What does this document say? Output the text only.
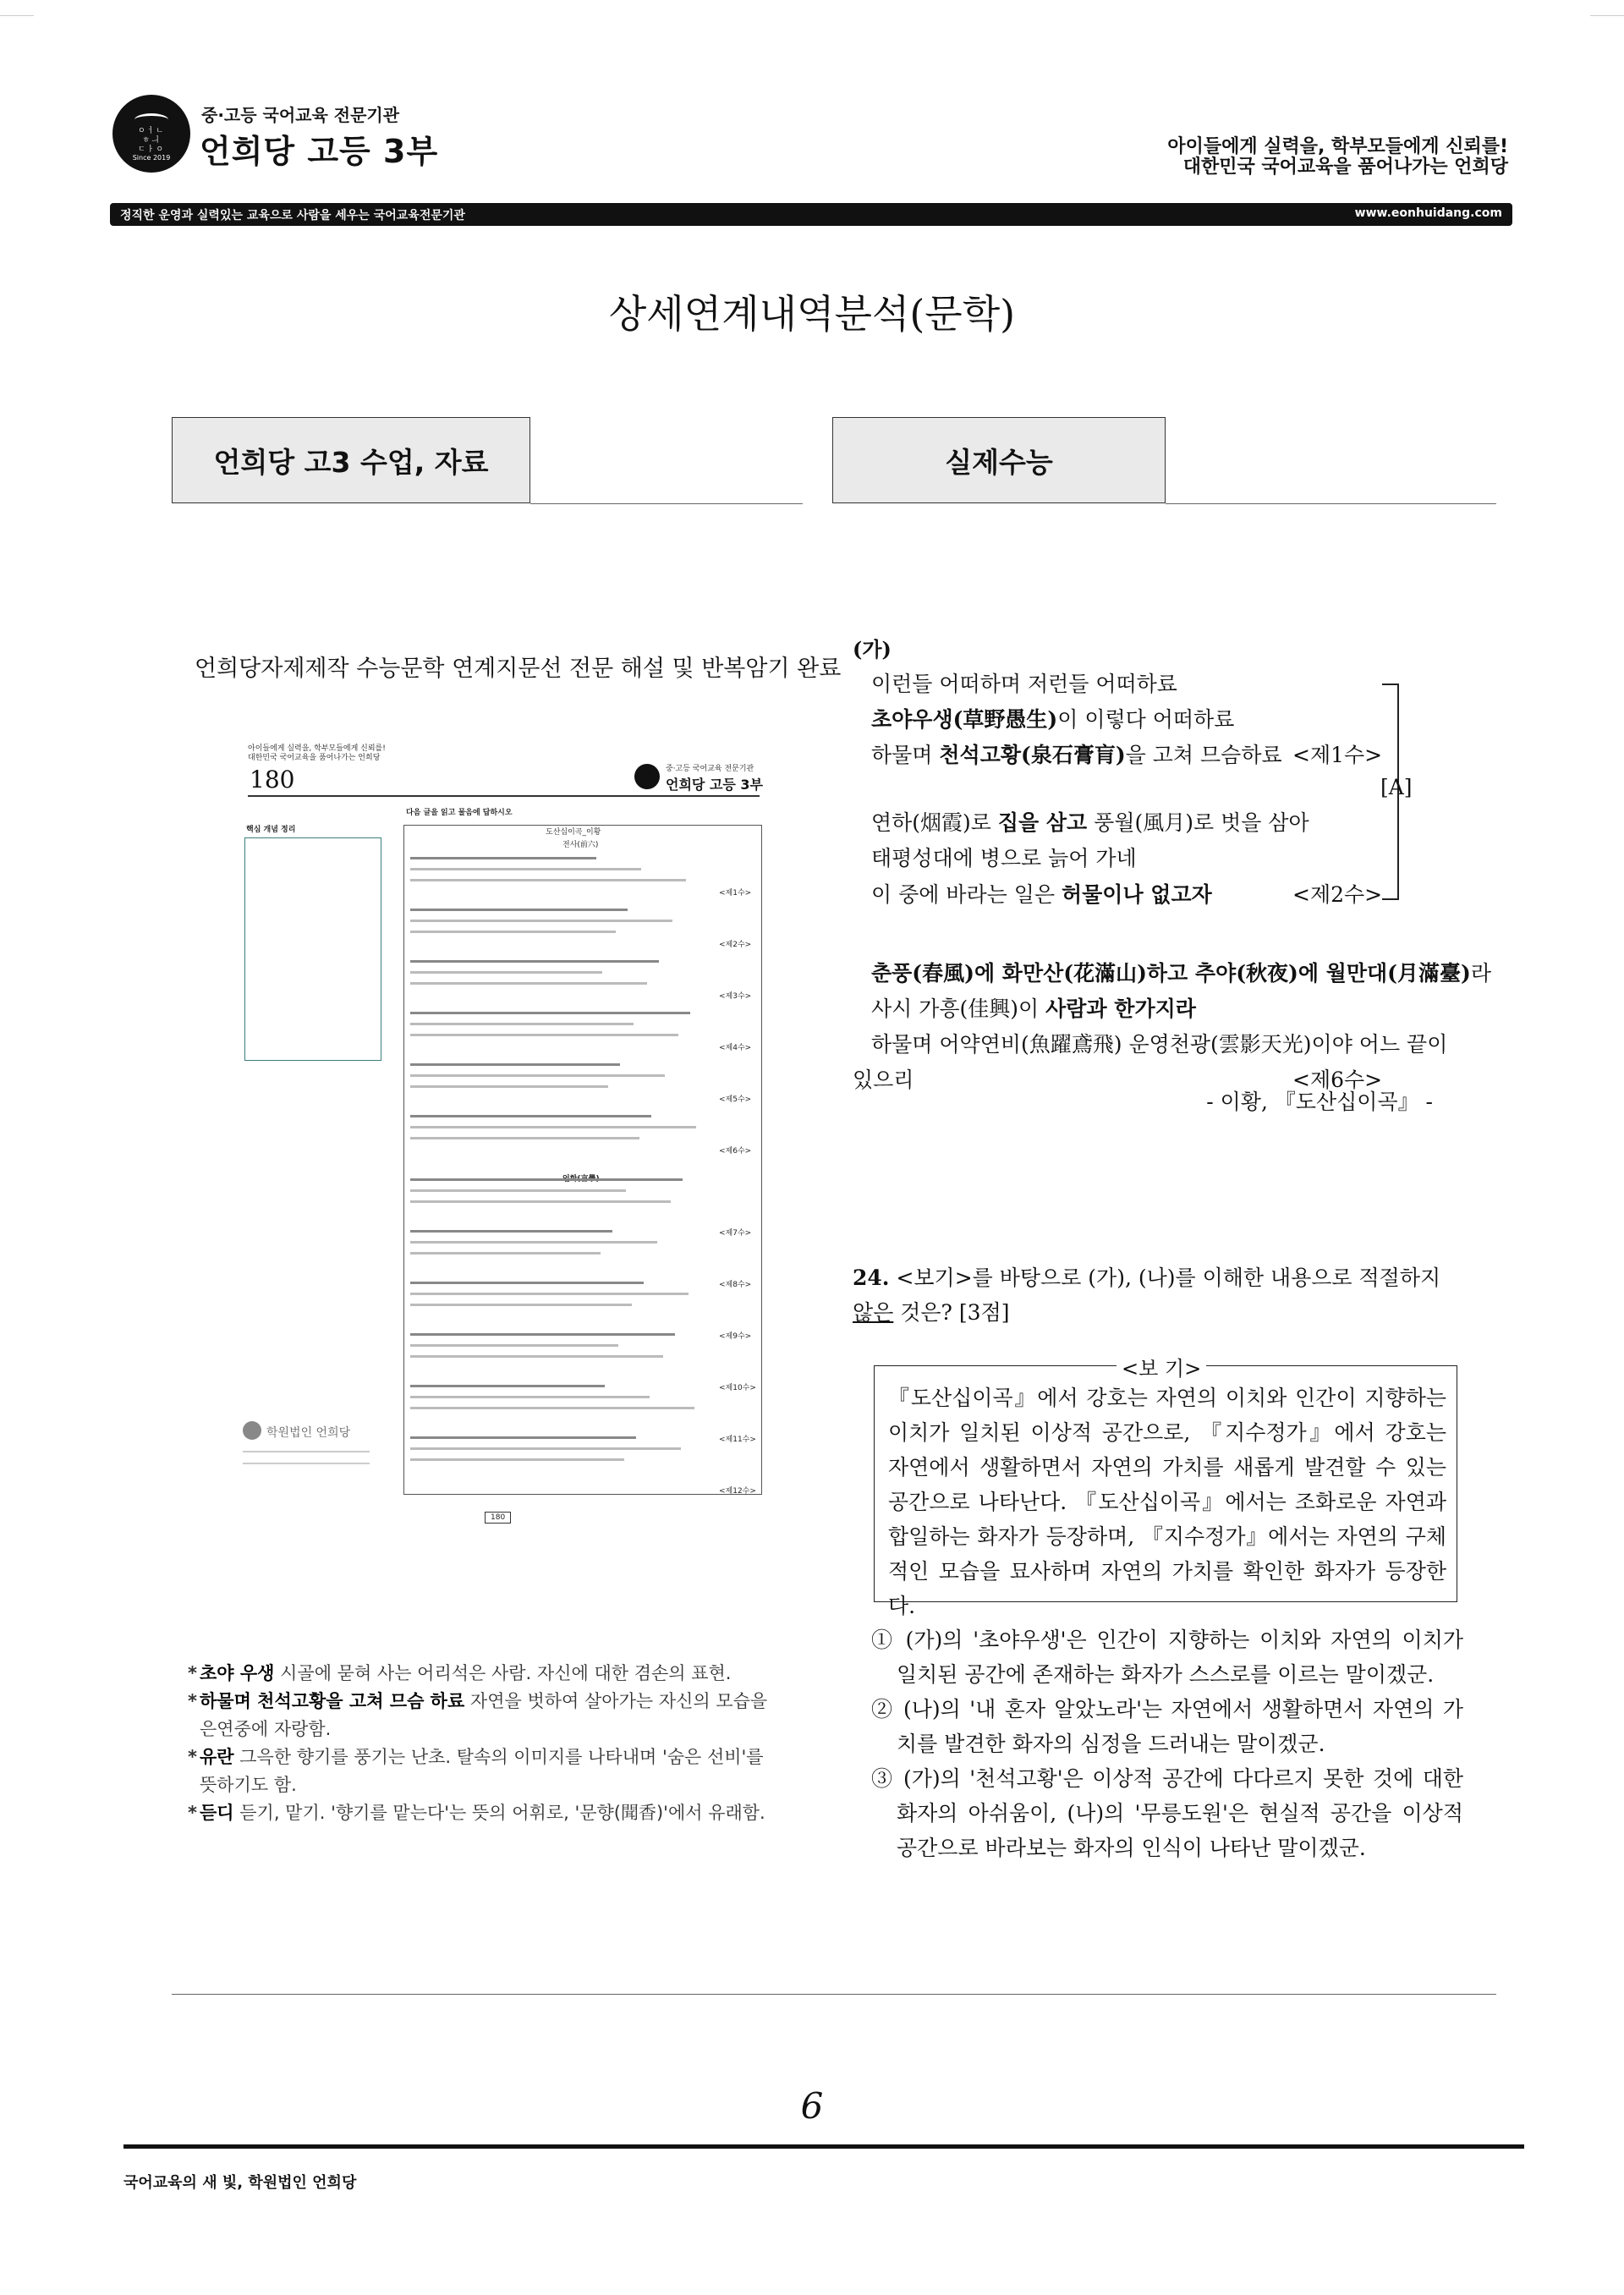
ㅇㅓㄴ
ㅎㅢ
ㄷㅏㅇ
Since 2019
중·고등 국어교육 전문기관
언희당 고등 3부	아이들에게 실력을, 학부모들에게 신뢰를!
대한민국 국어교육을 품어나가는 언희당
정직한 운영과 실력있는 교육으로 사람을 세우는 국어교육전문기관	www.eonhuidang.com
상세연계내역분석(문학)
언희당 고3 수업, 자료	실제수능
언희당자제제작 수능문학 연계지문선 전문 해설 및 반복암기 완료
아이들에게 실력을, 학부모들에게 신뢰를!
대한민국 국어교육을 품어나가는 언희당
180	중·고등 국어교육 전문기관
언희당 고등 3부
핵심 개념 정리
다음 글을 읽고 물음에 답하시오
도산십이곡_이황
전사(前六)
<제1수>
<제2수>
<제3수>
<제4수>
<제5수>
<제6수>
<제7수>
<제8수>
<제9수>
<제10수>
<제11수>
<제12수>
학원법인 언희당
180
* 초야 우생 시골에 묻혀 사는 어리석은 사람. 자신에 대한 겸손의 표현.
* 하물며 천석고황을 고쳐 므슴 하료 자연을 벗하여 살아가는 자신의 모습을 은연중에 자랑함.
* 유란 그윽한 향기를 풍기는 난초. 탈속의 이미지를 나타내며 '숨은 선비'를 뜻하기도 함.
* 듣디 듣기, 맡기. '향기를 맡는다'는 뜻의 어휘로, '문향(聞香)'에서 유래함.
(가)
이런들 어떠하며 저런들 어떠하료
초야우생(草野愚生)이 이렇다 어떠하료
하물며 천석고황(泉石膏肓)을 고쳐 므슴하료 <제1수>
연하(烟霞)로 집을 삼고 풍월(風月)로 벗을 삼아
태평성대에 병으로 늙어 가네
이 중에 바라는 일은 허물이나 없고자	<제2수>
춘풍(春風)에 화만산(花滿山)하고 추야(秋夜)에 월만대(月滿臺)라
사시 가흥(佳興)이 사람과 한가지라
하물며 어약연비(魚躍鳶飛) 운영천광(雲影天光)이야 어느 끝이
있으리	<제6수>
[A]
- 이황, 『도산십이곡』 -
24. <보기>를 바탕으로 (가), (나)를 이해한 내용으로 적절하지 않은 것은? [3점]
<보 기>
『도산십이곡』에서 강호는 자연의 이치와 인간이 지향하는 이치가 일치된 이상적 공간으로, 『지수정가』에서 강호는 자연에서 생활하면서 자연의 가치를 새롭게 발견할 수 있는 공간으로 나타난다. 『도산십이곡』에서는 조화로운 자연과 합일하는 화자가 등장하며, 『지수정가』에서는 자연의 구체적인 모습을 묘사하며 자연의 가치를 확인한 화자가 등장한다.
① (가)의 '초야우생'은 인간이 지향하는 이치와 자연의 이치가 일치된 공간에 존재하는 화자가 스스로를 이르는 말이겠군.
② (나)의 '내 혼자 알았노라'는 자연에서 생활하면서 자연의 가치를 발견한 화자의 심정을 드러내는 말이겠군.
③ (가)의 '천석고황'은 이상적 공간에 다다르지 못한 것에 대한 화자의 아쉬움이, (나)의 '무릉도원'은 현실적 공간을 이상적 공간으로 바라보는 화자의 인식이 나타난 말이겠군.
6
국어교육의 새 빛, 학원법인 언희당
